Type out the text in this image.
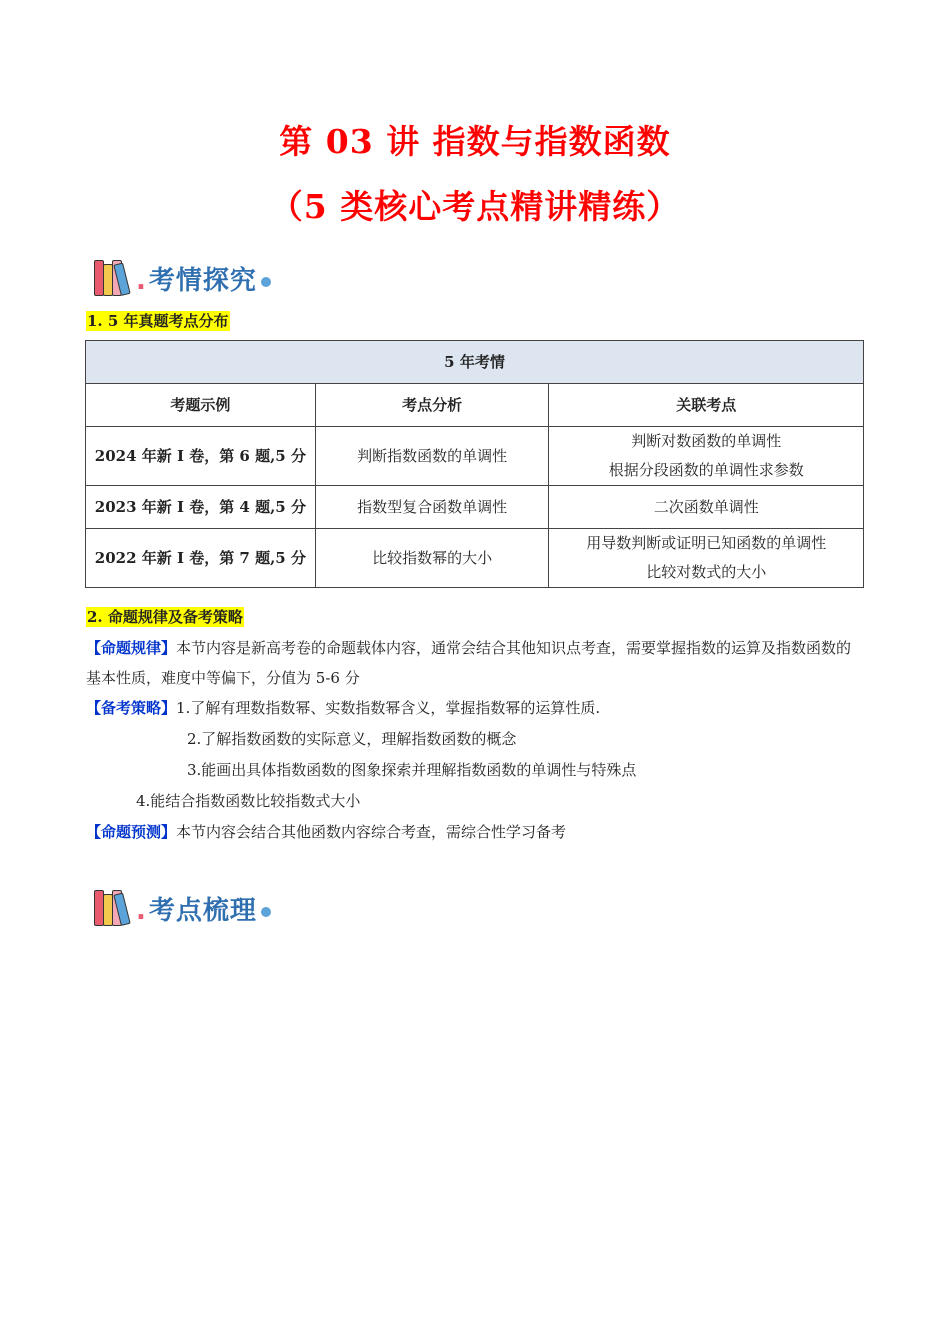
第 03 讲 指数与指数函数
（5 类核心考点精讲精练）
. 考情探究
1. 5 年真题考点分布
5 年考情		
考题示例	考点分析	关联考点
2024 年新 I 卷，第 6 题,5 分	判断指数函数的单调性	判断对数函数的单调性
根据分段函数的单调性求参数

2023 年新 I 卷，第 4 题,5 分	指数型复合函数单调性	二次函数单调性

2022 年新 I 卷，第 7 题,5 分	比较指数幂的大小	用导数判断或证明已知函数的单调性
比较对数式的大小
2. 命题规律及备考策略
【命题规律】本节内容是新高考卷的命题载体内容，通常会结合其他知识点考查，需要掌握指数的运算及指数函数的基本性质，难度中等偏下，分值为 5-6 分
【备考策略】1.了解有理数指数幂、实数指数幂含义，掌握指数幂的运算性质.
2.了解指数函数的实际意义，理解指数函数的概念
3.能画出具体指数函数的图象探索并理解指数函数的单调性与特殊点
4.能结合指数函数比较指数式大小
【命题预测】本节内容会结合其他函数内容综合考查，需综合性学习备考
. 考点梳理
